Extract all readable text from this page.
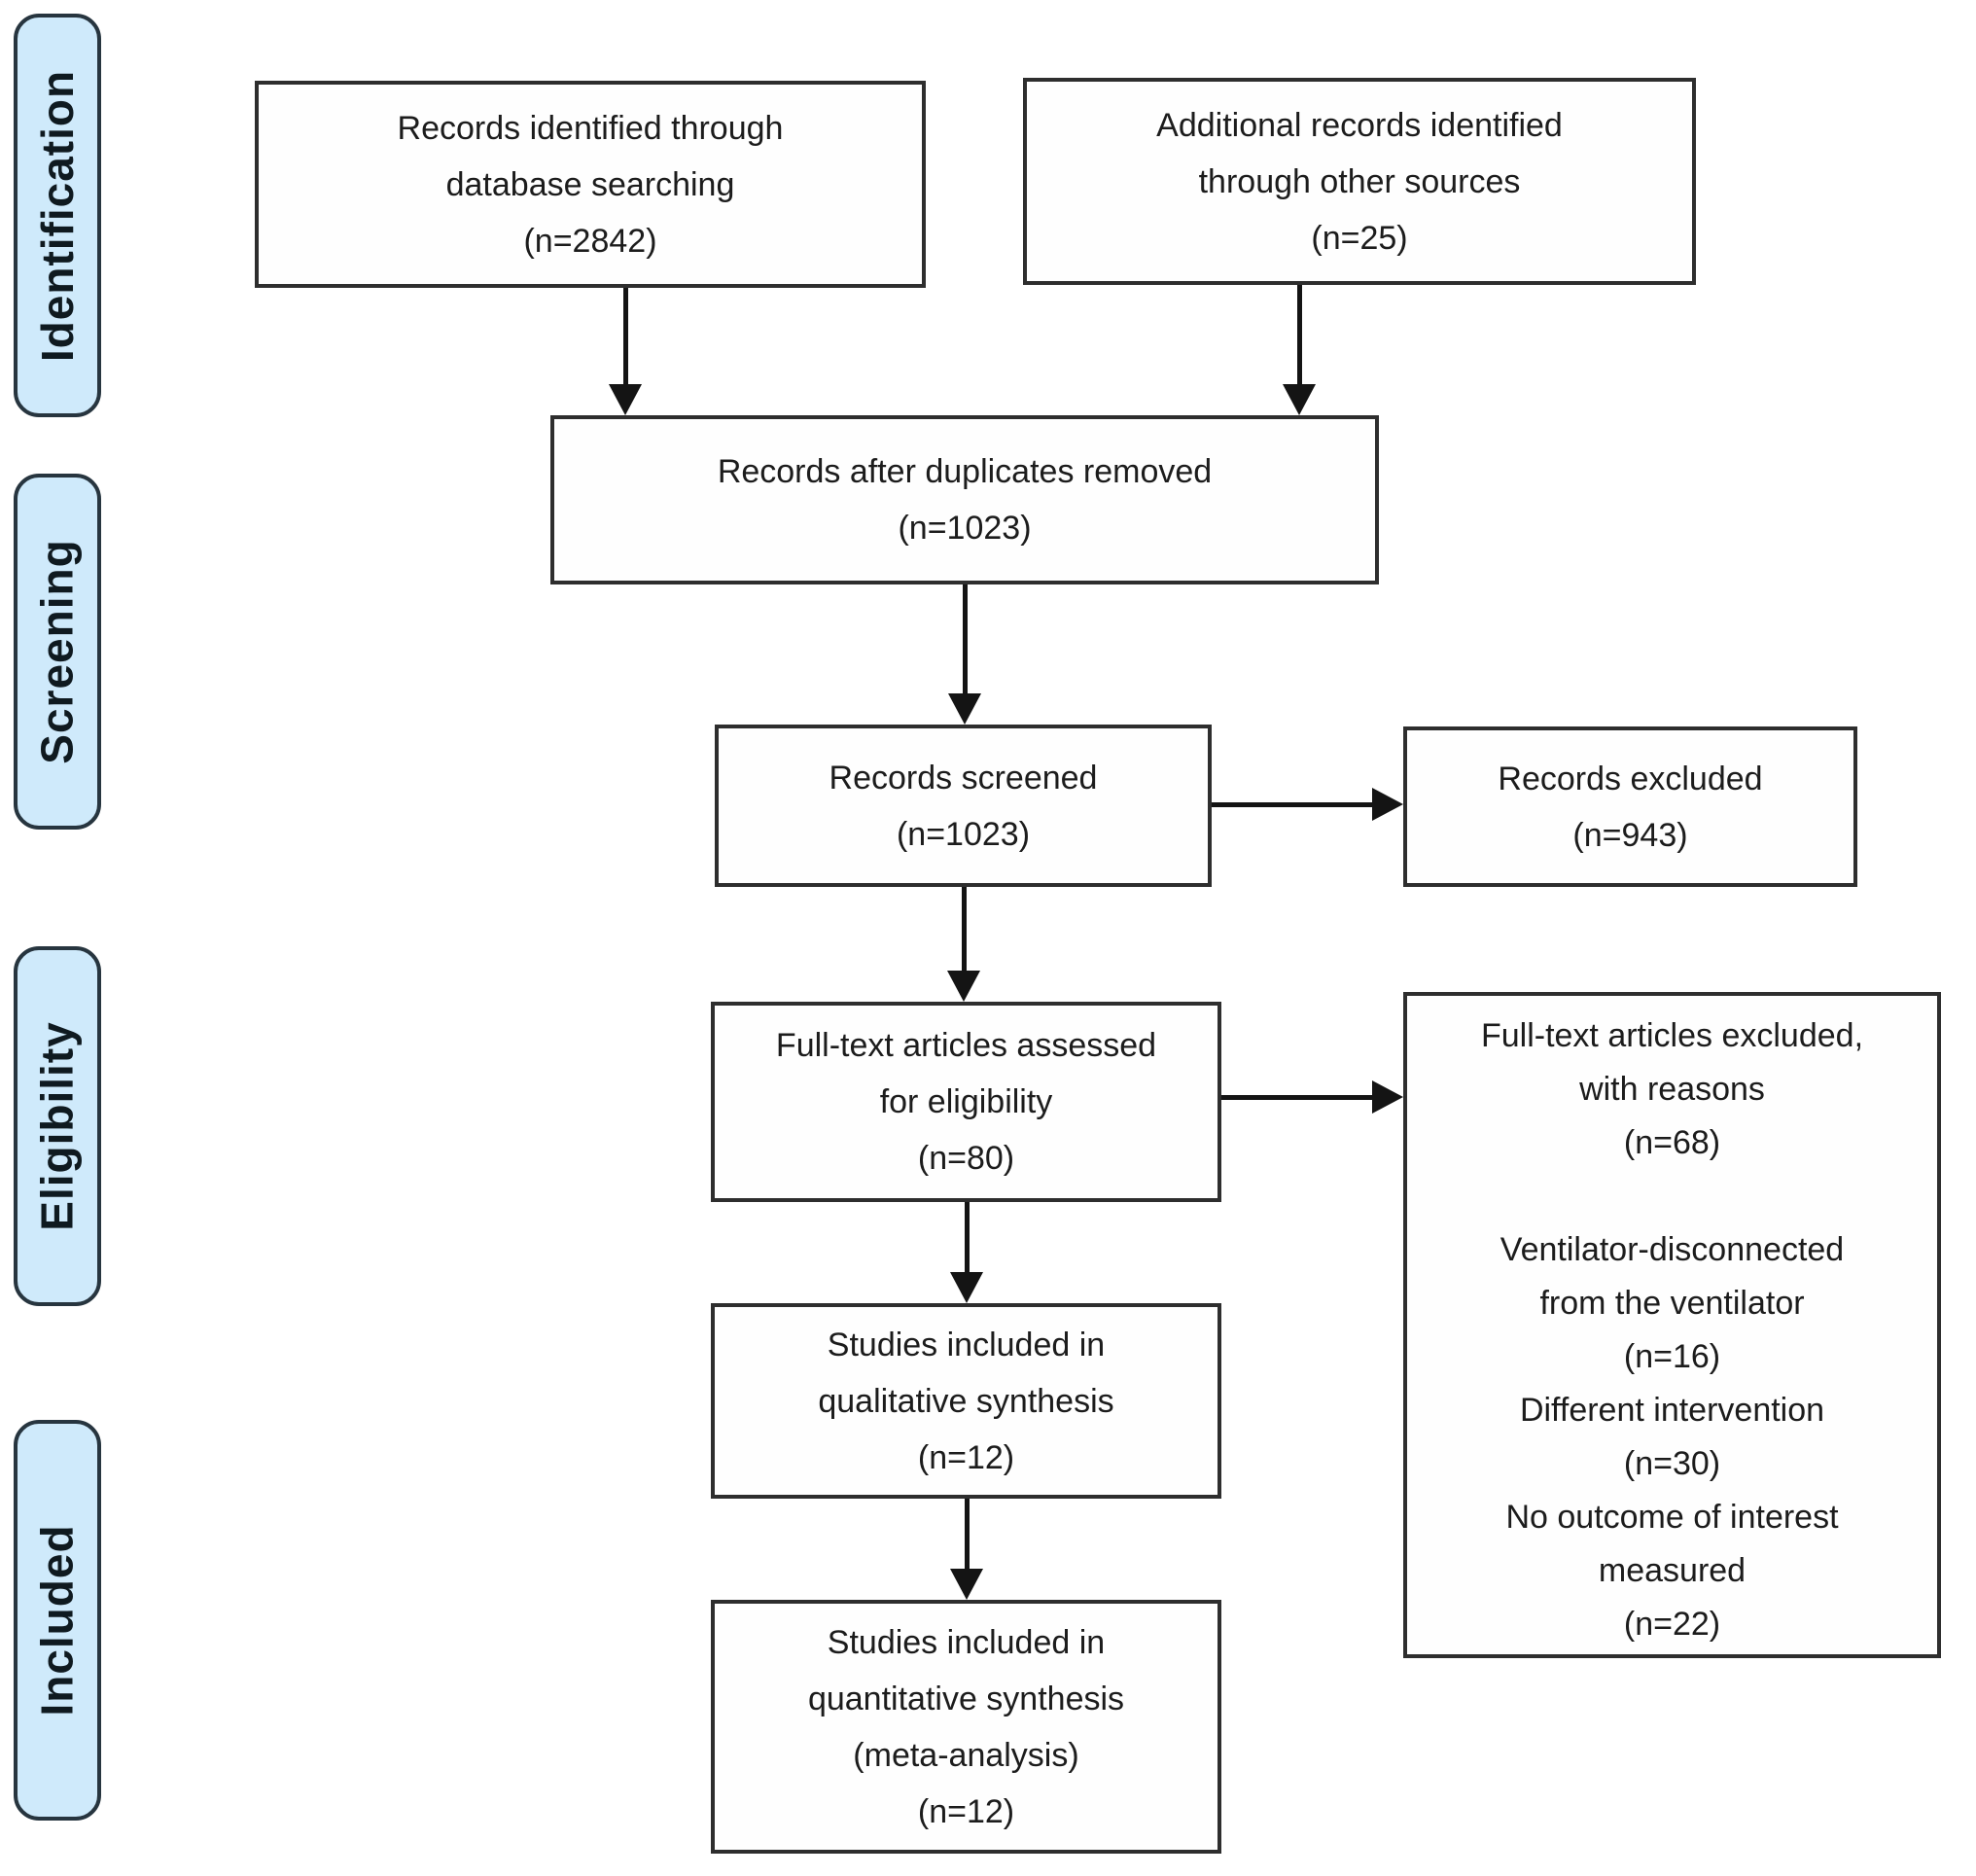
Identification
Screening
Eligibility
Included
Records identified through
database searching
(n=2842)
Additional records identified
through other sources
(n=25)
Records after duplicates removed
(n=1023)
Records screened
(n=1023)
Records excluded
(n=943)
Full-text articles assessed
for eligibility
(n=80)
Full-text articles excluded,
with reasons
(n=68)
Ventilator-disconnected
from the ventilator
(n=16)
Different intervention
(n=30)
No outcome of interest
measured
(n=22)
Studies included in
qualitative synthesis
(n=12)
Studies included in
quantitative synthesis
(meta-analysis)
(n=12)
